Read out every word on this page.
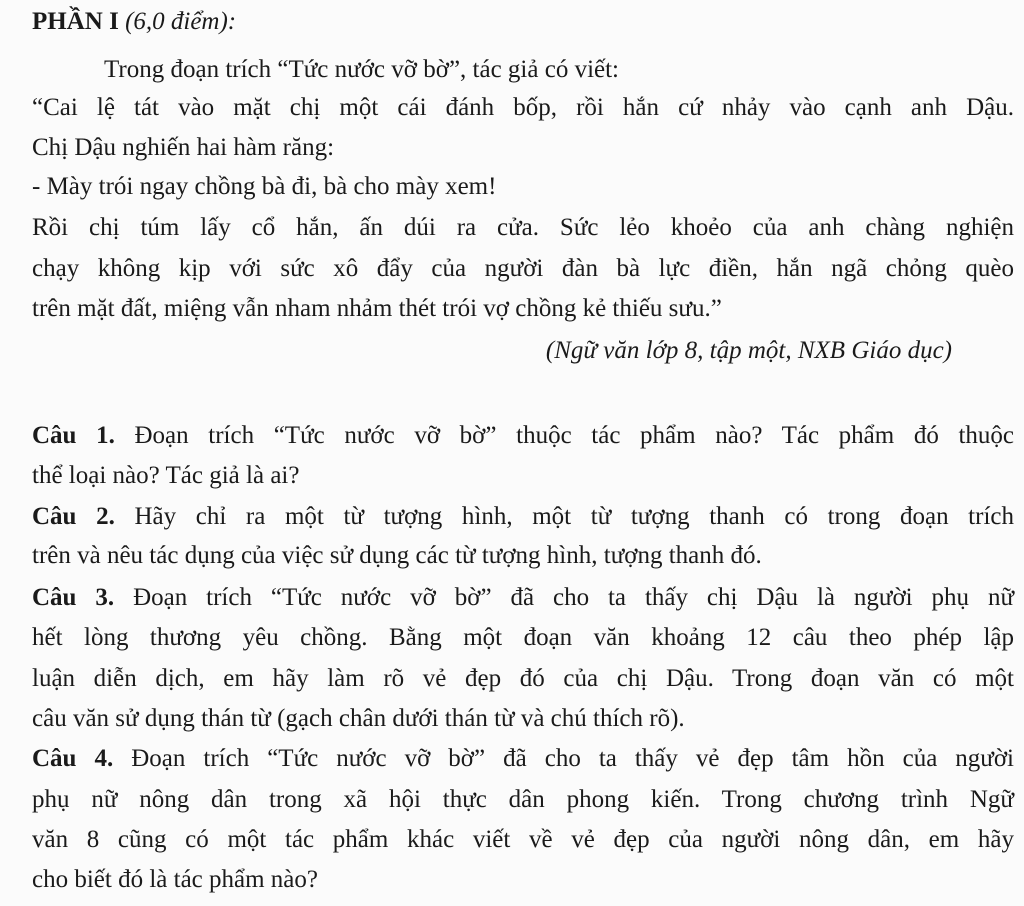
PHẦN I (6,0 điểm):
Trong đoạn trích “Tức nước vỡ bờ”, tác giả có viết:
“Cai lệ tát vào mặt chị một cái đánh bốp, rồi hắn cứ nhảy vào cạnh anh Dậu.
Chị Dậu nghiến hai hàm răng:
- Mày trói ngay chồng bà đi, bà cho mày xem!
Rồi chị túm lấy cổ hắn, ấn dúi ra cửa. Sức lẻo khoẻo của anh chàng nghiện
chạy không kịp với sức xô đẩy của người đàn bà lực điền, hắn ngã chỏng quèo
trên mặt đất, miệng vẫn nham nhảm thét trói vợ chồng kẻ thiếu sưu.”
(Ngữ văn lớp 8, tập một, NXB Giáo dục)
Câu 1. Đoạn trích “Tức nước vỡ bờ” thuộc tác phẩm nào? Tác phẩm đó thuộc
thể loại nào? Tác giả là ai?
Câu 2. Hãy chỉ ra một từ tượng hình, một từ tượng thanh có trong đoạn trích
trên và nêu tác dụng của việc sử dụng các từ tượng hình, tượng thanh đó.
Câu 3. Đoạn trích “Tức nước vỡ bờ” đã cho ta thấy chị Dậu là người phụ nữ
hết lòng thương yêu chồng. Bằng một đoạn văn khoảng 12 câu theo phép lập
luận diễn dịch, em hãy làm rõ vẻ đẹp đó của chị Dậu. Trong đoạn văn có một
câu văn sử dụng thán từ (gạch chân dưới thán từ và chú thích rõ).
Câu 4. Đoạn trích “Tức nước vỡ bờ” đã cho ta thấy vẻ đẹp tâm hồn của người
phụ nữ nông dân trong xã hội thực dân phong kiến. Trong chương trình Ngữ
văn 8 cũng có một tác phẩm khác viết về vẻ đẹp của người nông dân, em hãy
cho biết đó là tác phẩm nào?
